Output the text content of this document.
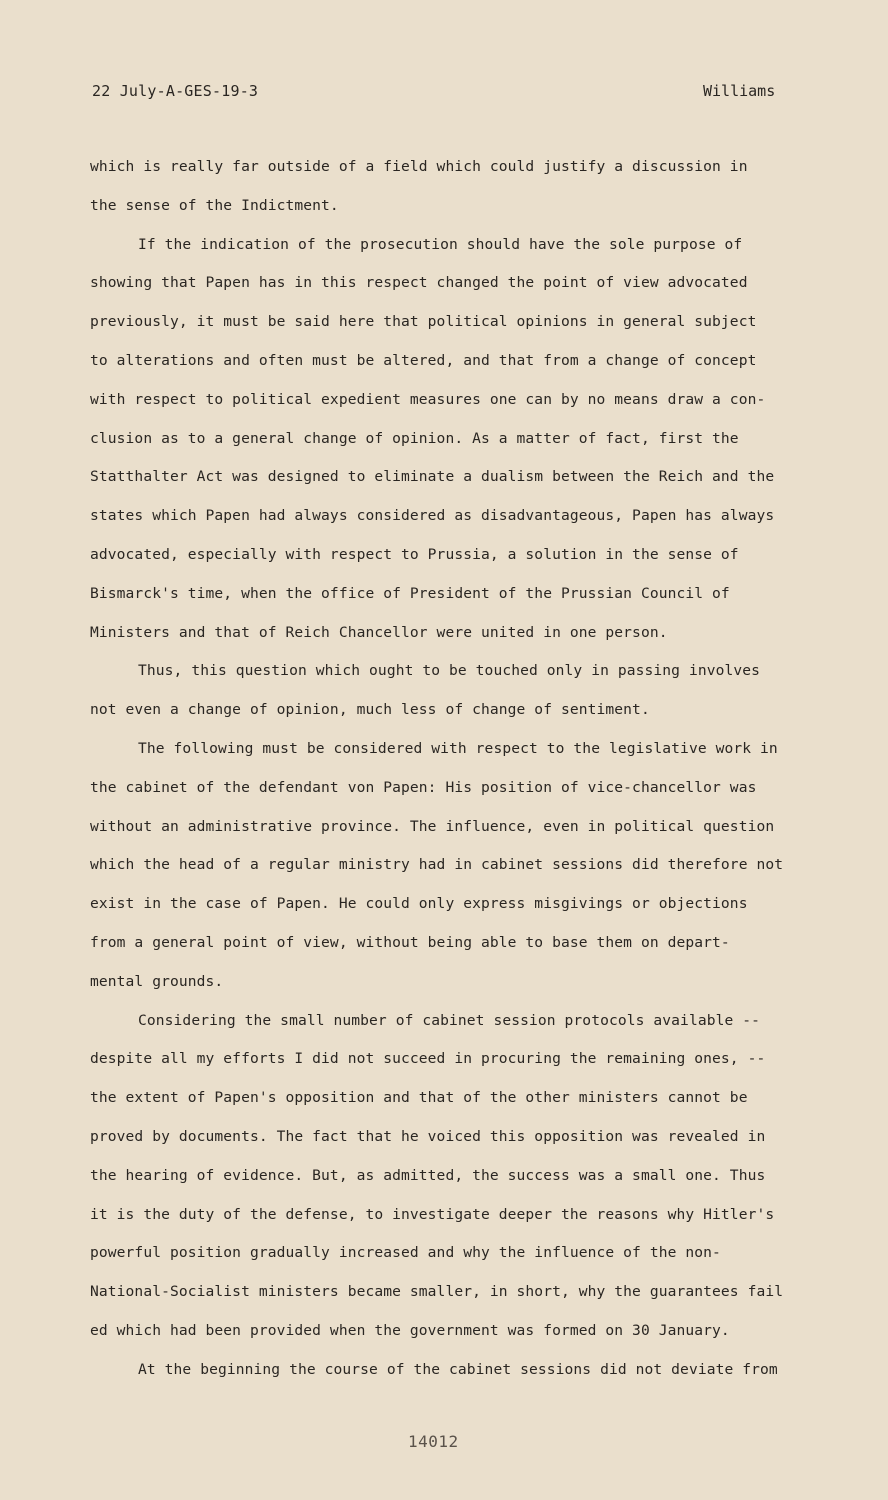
22 July-A-GES-19-3	Williams
which is really far outside of a field which could justify a discussion in
the sense of the Indictment.
If the indication of the prosecution should have the sole purpose of
showing that Papen has in this respect changed the point of view advocated
previously, it must be said here that political opinions in general subject
to alterations and often must be altered, and that from a change of concept
with respect to political expedient measures one can by no means draw a con-
clusion as to a general change of opinion. As a matter of fact, first the
Statthalter Act was designed to eliminate a dualism between the Reich and the
states which Papen had always considered as disadvantageous, Papen has always
advocated, especially with respect to Prussia, a solution in the sense of
Bismarck's time, when the office of President of the Prussian Council of
Ministers and that of Reich Chancellor were united in one person.
Thus, this question which ought to be touched only in passing involves
not even a change of opinion, much less of change of sentiment.
The following must be considered with respect to the legislative work in
the cabinet of the defendant von Papen: His position of vice-chancellor was
without an administrative province. The influence, even in political question
which the head of a regular ministry had in cabinet sessions did therefore not
exist in the case of Papen. He could only express misgivings or objections
from a general point of view, without being able to base them on depart-
mental grounds.
Considering the small number of cabinet session protocols available --
despite all my efforts I did not succeed in procuring the remaining ones, --
the extent of Papen's opposition and that of the other ministers cannot be
proved by documents. The fact that he voiced this opposition was revealed in
the hearing of evidence. But, as admitted, the success was a small one. Thus
it is the duty of the defense, to investigate deeper the reasons why Hitler's
powerful position gradually increased and why the influence of the non-
National-Socialist ministers became smaller, in short, why the guarantees fail
ed which had been provided when the government was formed on 30 January.
At the beginning the course of the cabinet sessions did not deviate from
14012
